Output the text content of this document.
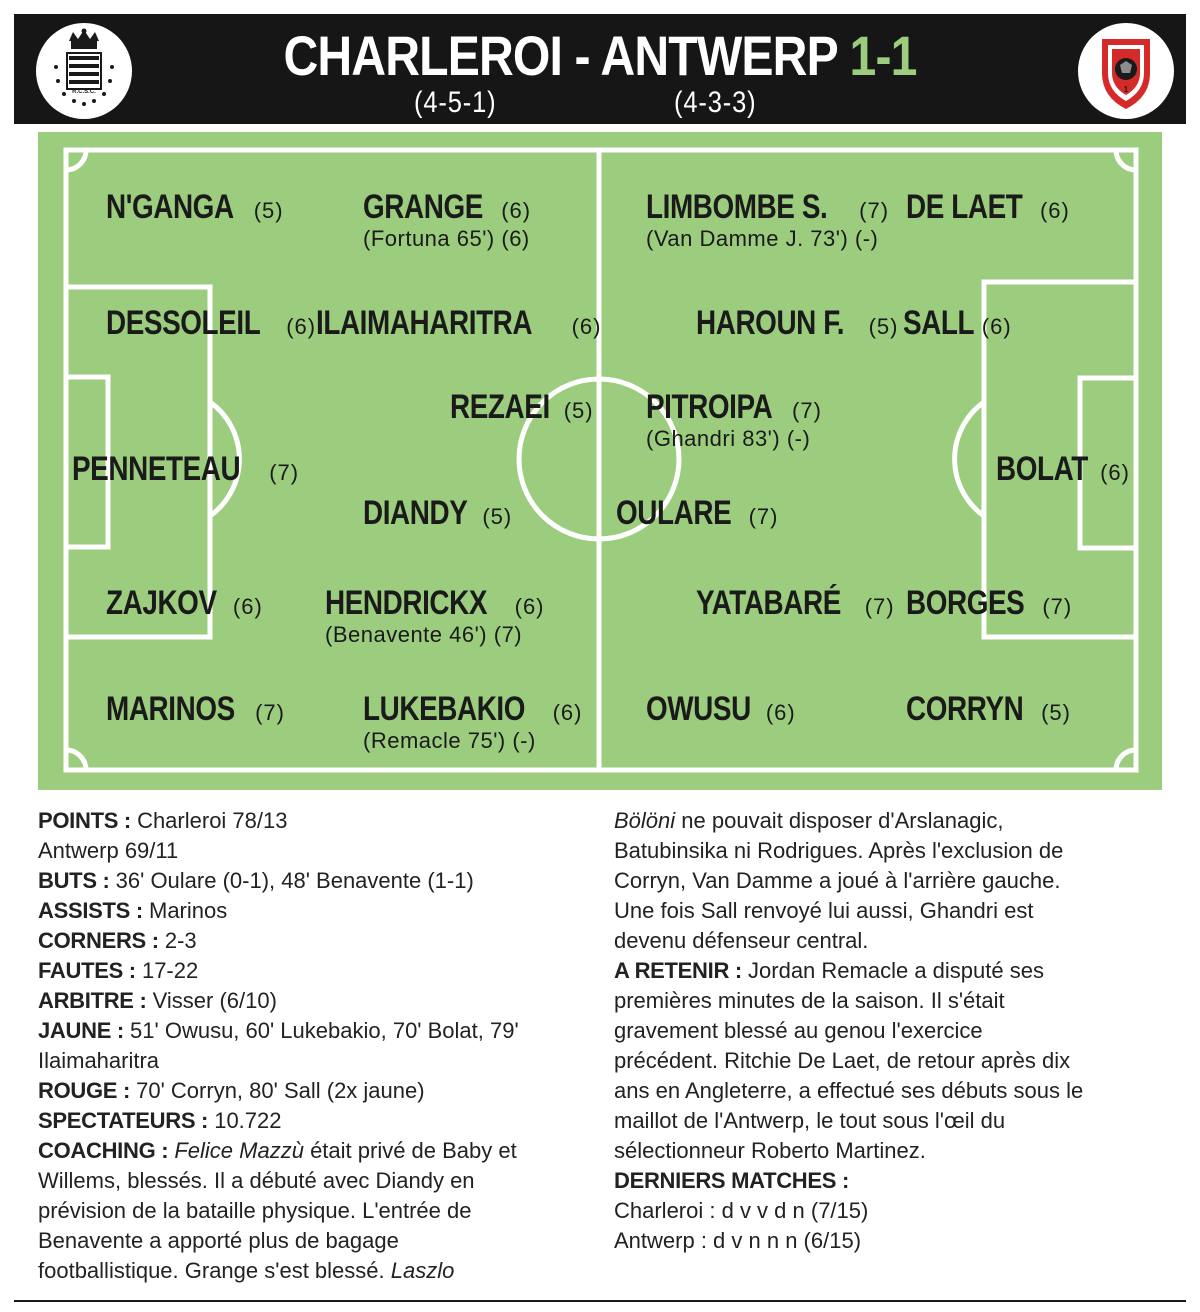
R.C.S.C.
CHARLEROI - ANTWERP 1-1
(4-5-1)	(4-3-3)	1
N'GANGA (5) GRANGE (6)
(Fortuna 65') (6)
DESSOLEIL (6) ILAIMAHARITRA (6)
REZAEI (5)
PENNETEAU (7)
DIANDY (5)
ZAJKOV (6) HENDRICKX (6)
(Benavente 46') (7)
MARINOS (7) LUKEBAKIO (6)
(Remacle 75') (-)
LIMBOMBE S. (7)
(Van Damme J. 73') (-)
DE LAET (6)
HAROUN F. (5) SALL (6)
PITROIPA (7)
(Ghandri 83') (-)
BOLAT (6)
OULARE (7)
YATABARÉ (7) BORGES (7)
OWUSU (6)	CORRYN (5)
POINTS : Charleroi 78/13
Antwerp 69/11
BUTS : 36' Oulare (0-1), 48' Benavente (1-1)
ASSISTS : Marinos
CORNERS : 2-3
FAUTES : 17-22
ARBITRE : Visser (6/10)
JAUNE : 51' Owusu, 60' Lukebakio, 70' Bolat, 79'
Ilaimaharitra
ROUGE : 70' Corryn, 80' Sall (2x jaune)
SPECTATEURS : 10.722
COACHING : Felice Mazzù était privé de Baby et
Willems, blessés. Il a débuté avec Diandy en
prévision de la bataille physique. L'entrée de
Benavente a apporté plus de bagage
footballistique. Grange s'est blessé. Laszlo
Bölöni ne pouvait disposer d'Arslanagic,
Batubinsika ni Rodrigues. Après l'exclusion de
Corryn, Van Damme a joué à l'arrière gauche.
Une fois Sall renvoyé lui aussi, Ghandri est
devenu défenseur central.
A RETENIR : Jordan Remacle a disputé ses
premières minutes de la saison. Il s'était
gravement blessé au genou l'exercice
précédent. Ritchie De Laet, de retour après dix
ans en Angleterre, a effectué ses débuts sous le
maillot de l'Antwerp, le tout sous l'œil du
sélectionneur Roberto Martinez.
DERNIERS MATCHES :
Charleroi : d v v d n (7/15)
Antwerp : d v n n n (6/15)
